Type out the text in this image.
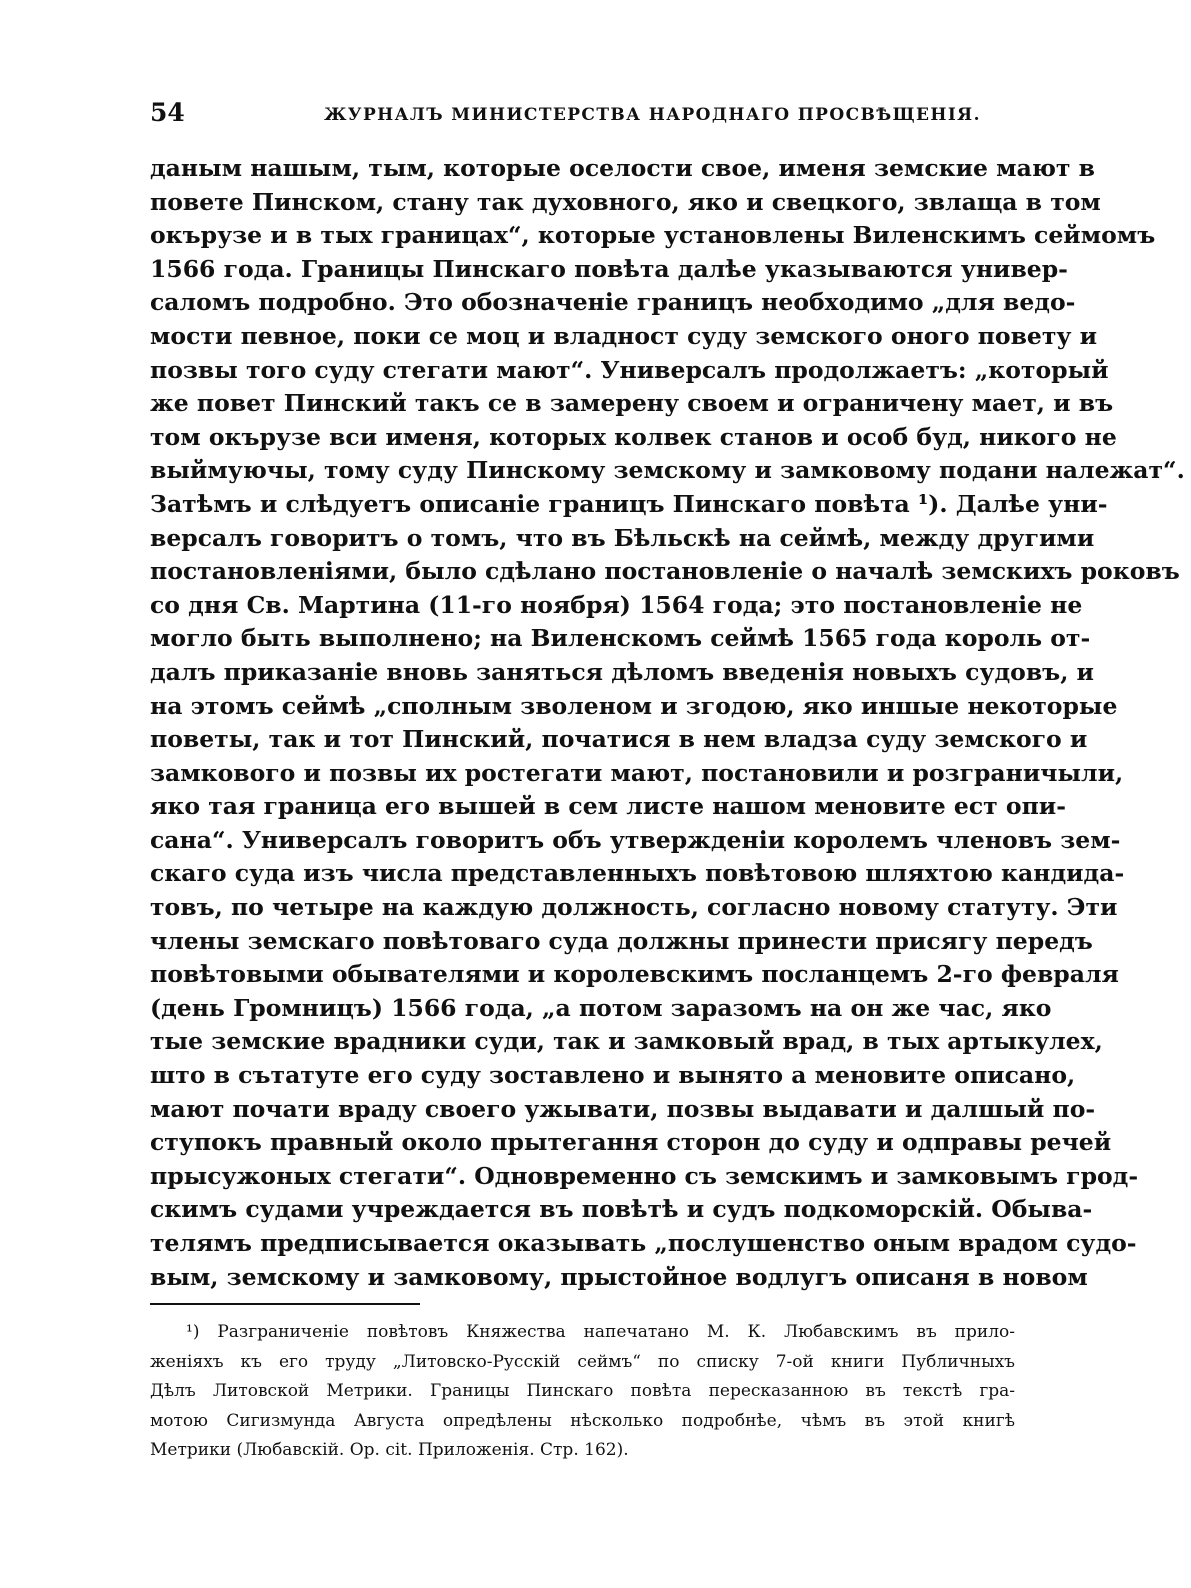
54	ЖУРНАЛЪ МИНИСТЕРСТВА НАРОДНАГО ПРОСВѢЩЕНІЯ.
даным нашым, тым, которые оселости свое, именя земские мают в
повете Пинском, стану так духовного, яко и свецкого, звлаща в том
окърузе и в тых границах“, которые установлены Виленскимъ сеймомъ
1566 года. Границы Пинскаго повѣта далѣе указываются универ-
саломъ подробно. Это обозначеніе границъ необходимо „для ведо-
мости певное, поки се моц и владност суду земского оного повету и
позвы того суду стегати мают“. Универсалъ продолжаетъ: „который
же повет Пинский такъ се в замерену своем и ограничену мает, и въ
том окърузе вси именя, которых колвек станов и особ буд, никого не
выймуючы, тому суду Пинскому земскому и замковому подани належат“.
Затѣмъ и слѣдуетъ описаніе границъ Пинскаго повѣта ¹). Далѣе уни-
версалъ говоритъ о томъ, что въ Бѣльскѣ на сеймѣ, между другими
постановленіями, было сдѣлано постановленіе о началѣ земскихъ роковъ
со дня Св. Мартина (11-го ноября) 1564 года; это постановленіе не
могло быть выполнено; на Виленскомъ сеймѣ 1565 года король от-
далъ приказаніе вновь заняться дѣломъ введенія новыхъ судовъ, и
на этомъ сеймѣ „сполным зволеном и згодою, яко иншые некоторые
поветы, так и тот Пинский, початися в нем владза суду земского и
замкового и позвы их ростегати мают, постановили и розграничыли,
яко тая граница его вышей в сем листе нашом меновите ест опи-
сана“. Универсалъ говоритъ объ утвержденіи королемъ членовъ зем-
скаго суда изъ числа представленныхъ повѣтовою шляхтою кандида-
товъ, по четыре на каждую должность, согласно новому статуту. Эти
члены земскаго повѣтоваго суда должны принести присягу передъ
повѣтовыми обывателями и королевскимъ посланцемъ 2-го февраля
(день Громницъ) 1566 года, „а потом заразомъ на он же час, яко
тые земские врадники суди, так и замковый врад, в тых артыкулех,
што в сътатуте его суду зоставлено и вынято а меновите описано,
мают почати враду своего ужывати, позвы выдавати и далшый по-
ступокъ правный около прытегання сторон до суду и одправы речей
прысужоных стегати“. Одновременно съ земскимъ и замковымъ грод-
скимъ судами учреждается въ повѣтѣ и судъ подкоморскій. Обыва-
телямъ предписывается оказывать „послушенство оным врадом судо-
вым, земскому и замковому, прыстойное водлугъ описаня в новом
¹) Разграниченіе повѣтовъ Княжества напечатано М. К. Любавскимъ въ прило-
женіяхъ къ его труду „Литовско-Русскій сеймъ“ по списку 7-ой книги Публичныхъ
Дѣлъ Литовской Метрики. Границы Пинскаго повѣта пересказанною въ текстѣ гра-
мотою Сигизмунда Августа опредѣлены нѣсколько подробнѣе, чѣмъ въ этой книгѣ
Метрики (Любавскій. Op. cit. Приложенія. Стр. 162).
